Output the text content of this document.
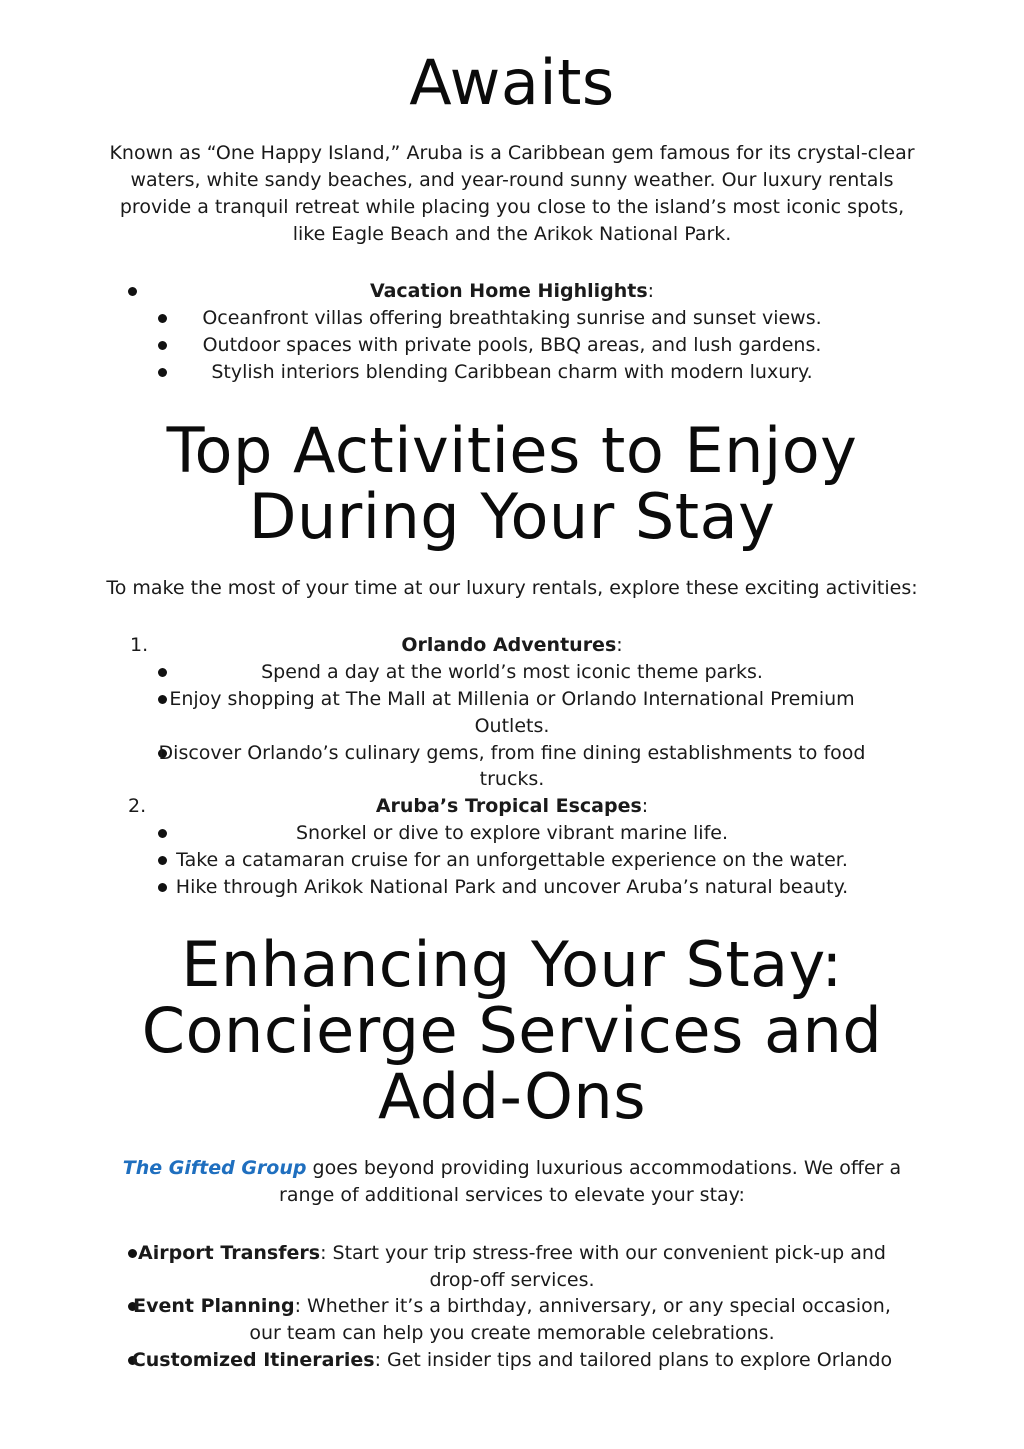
Awaits
Known as “One Happy Island,” Aruba is a Caribbean gem famous for its crystal-clear
waters, white sandy beaches, and year-round sunny weather. Our luxury rentals
provide a tranquil retreat while placing you close to the island’s most iconic spots,
like Eagle Beach and the Arikok National Park.
Vacation Home Highlights:
Oceanfront villas offering breathtaking sunrise and sunset views.
Outdoor spaces with private pools, BBQ areas, and lush gardens.
Stylish interiors blending Caribbean charm with modern luxury.
Top Activities to Enjoy
During Your Stay
To make the most of your time at our luxury rentals, explore these exciting activities:
1.	Orlando Adventures:
Spend a day at the world’s most iconic theme parks.
Enjoy shopping at The Mall at Millenia or Orlando International Premium
Outlets.
Discover Orlando’s culinary gems, from fine dining establishments to food
trucks.
2.	Aruba’s Tropical Escapes:
Snorkel or dive to explore vibrant marine life.
Take a catamaran cruise for an unforgettable experience on the water.
Hike through Arikok National Park and uncover Aruba’s natural beauty.
Enhancing Your Stay:
Concierge Services and
Add-Ons
The Gifted Group goes beyond providing luxurious accommodations. We offer a
range of additional services to elevate your stay:
Airport Transfers: Start your trip stress-free with our convenient pick-up and
drop-off services.
Event Planning: Whether it’s a birthday, anniversary, or any special occasion,
our team can help you create memorable celebrations.
Customized Itineraries: Get insider tips and tailored plans to explore Orlando
